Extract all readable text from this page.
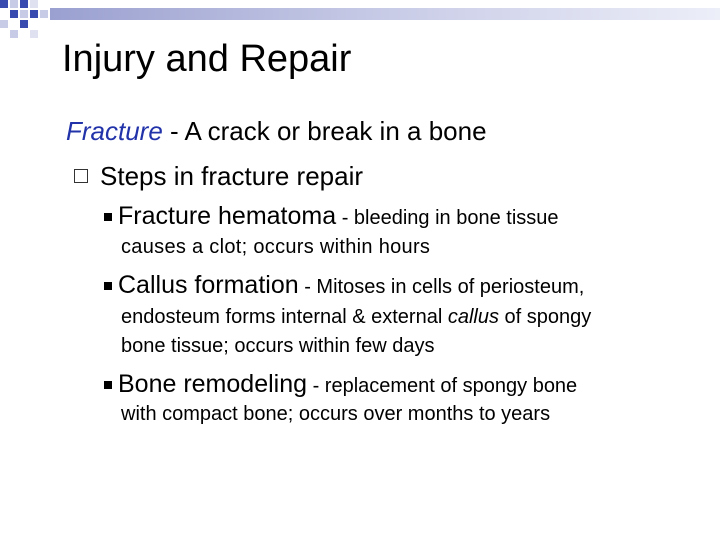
Injury and Repair
Fracture - A crack or break in a bone
Steps in fracture repair
Fracture hematoma - bleeding in bone tissue
causes a clot; occurs within hours
Callus formation - Mitoses in cells of periosteum,
endosteum forms internal & external callus of spongy
bone tissue; occurs within few days
Bone remodeling - replacement of spongy bone
with compact bone; occurs over months to years
